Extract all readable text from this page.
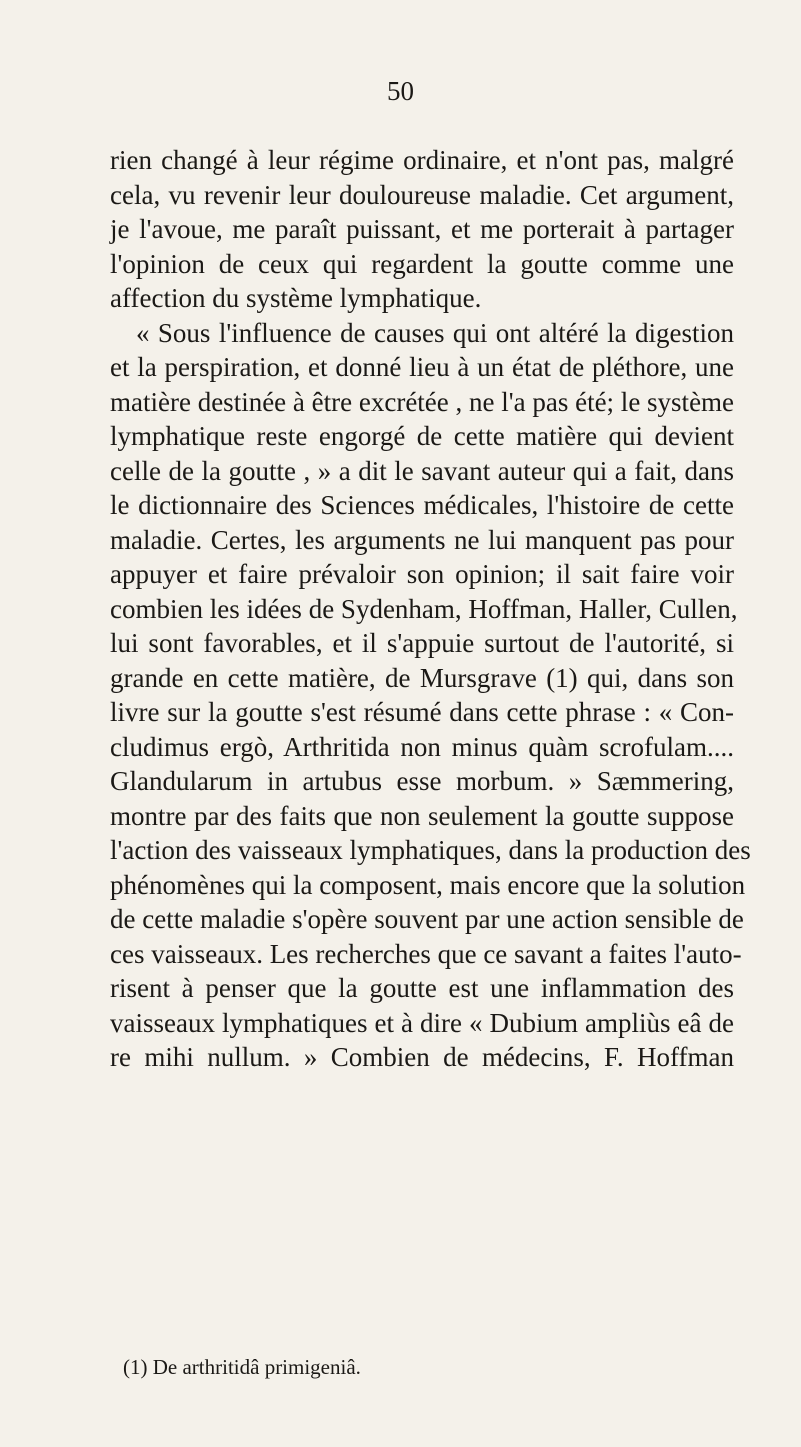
50
rien changé à leur régime ordinaire, et n'ont pas, malgré
cela, vu revenir leur douloureuse maladie. Cet argument,
je l'avoue, me paraît puissant, et me porterait à partager
l'opinion de ceux qui regardent la goutte comme une
affection du système lymphatique.
« Sous l'influence de causes qui ont altéré la digestion
et la perspiration, et donné lieu à un état de pléthore, une
matière destinée à être excrétée , ne l'a pas été; le système
lymphatique reste engorgé de cette matière qui devient
celle de la goutte , » a dit le savant auteur qui a fait, dans
le dictionnaire des Sciences médicales, l'histoire de cette
maladie. Certes, les arguments ne lui manquent pas pour
appuyer et faire prévaloir son opinion; il sait faire voir
combien les idées de Sydenham, Hoffman, Haller, Cullen,
lui sont favorables, et il s'appuie surtout de l'autorité, si
grande en cette matière, de Mursgrave (1) qui, dans son
livre sur la goutte s'est résumé dans cette phrase : « Con-
cludimus ergò, Arthritida non minus quàm scrofulam....
Glandularum in artubus esse morbum. » Sæmmering,
montre par des faits que non seulement la goutte suppose
l'action des vaisseaux lymphatiques, dans la production des
phénomènes qui la composent, mais encore que la solution
de cette maladie s'opère souvent par une action sensible de
ces vaisseaux. Les recherches que ce savant a faites l'auto-
risent à penser que la goutte est une inflammation des
vaisseaux lymphatiques et à dire « Dubium ampliùs eâ de
re mihi nullum. » Combien de médecins, F. Hoffman
(1) De arthritidâ primigeniâ.
